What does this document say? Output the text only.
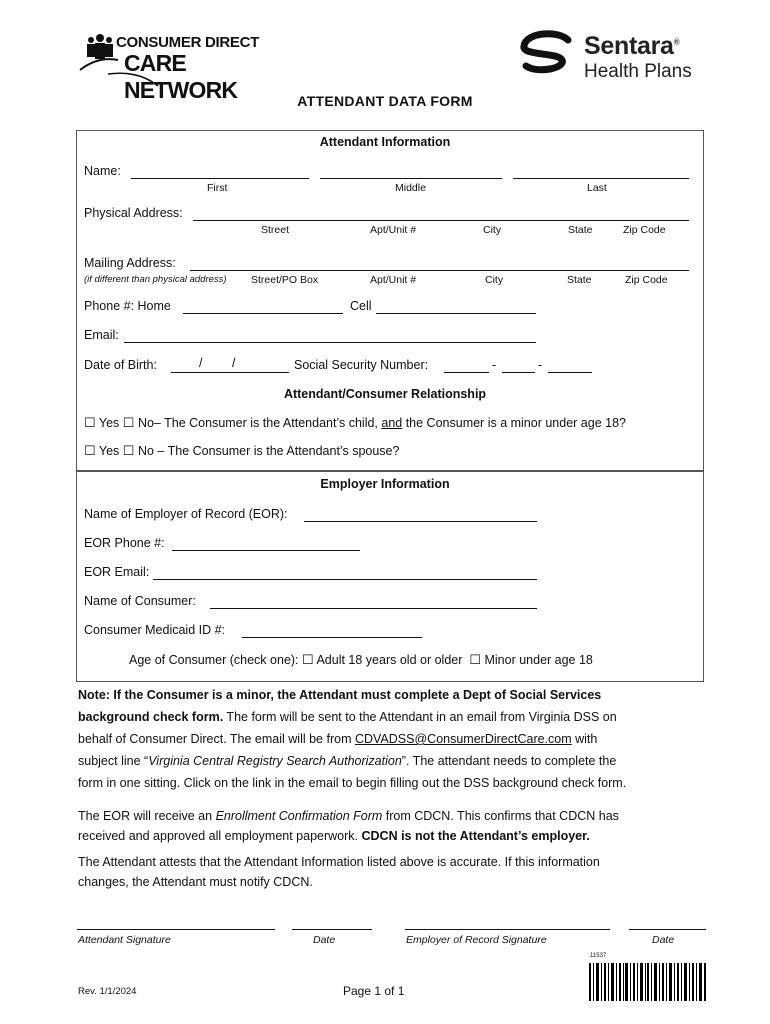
CONSUMER DIRECT
CARE NETWORK
Sentara®
Health Plans
ATTENDANT DATA FORM
Attendant Information
Name:
First	Middle	Last
Physical Address:
Street	Apt/Unit #	City	State	Zip Code
Mailing Address:
(if different than physical address) Street/PO Box	Apt/Unit #	City	State	Zip Code
Phone #: Home	Cell
Email:
Date of Birth:	/ /	Social Security Number:	-	-
Attendant/Consumer Relationship
☐ Yes ☐ No– The Consumer is the Attendant’s child, and the Consumer is a minor under age 18?
☐ Yes ☐ No – The Consumer is the Attendant’s spouse?
Employer Information
Name of Employer of Record (EOR):
EOR Phone #:
EOR Email:
Name of Consumer:
Consumer Medicaid ID #:
Age of Consumer (check one): ☐ Adult 18 years old or older ☐ Minor under age 18

Note: If the Consumer is a minor, the Attendant must complete a Dept of Social Services

background check form. The form will be sent to the Attendant in an email from Virginia DSS on

behalf of Consumer Direct. The email will be from CDVADSS@ConsumerDirectCare.com with

subject line “Virginia Central Registry Search Authorization”. The attendant needs to complete the

form in one sitting. Click on the link in the email to begin filling out the DSS background check form.

The EOR will receive an Enrollment Confirmation Form from CDCN. This confirms that CDCN has
received and approved all employment paperwork. CDCN is not the Attendant’s employer.
The Attendant attests that the Attendant Information listed above is accurate. If this information
changes, the Attendant must notify CDCN.
Attendant Signature	Date	Employer of Record Signature	Date
11537
Rev. 1/1/2024	Page 1 of 1
